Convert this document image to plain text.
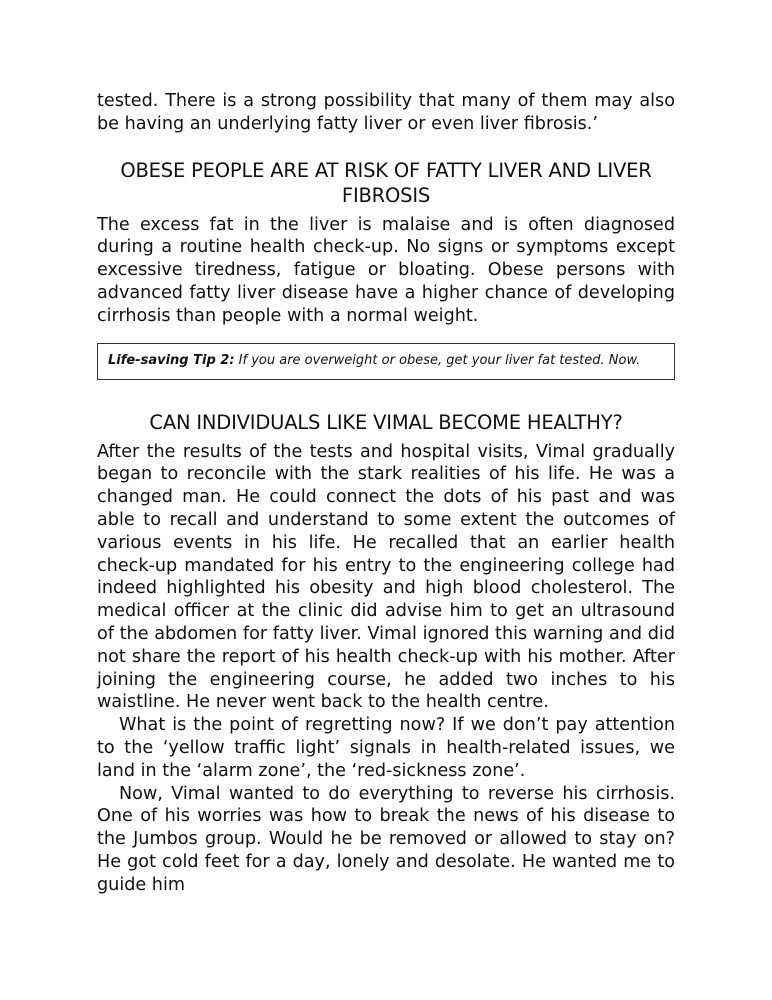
tested. There is a strong possibility that many of them may also be having an underlying fatty liver or even liver fibrosis.’

OBESE PEOPLE ARE AT RISK OF FATTY LIVER AND LIVER FIBROSIS

The excess fat in the liver is malaise and is often diagnosed during a routine health check-up. No signs or symptoms except excessive tiredness, fatigue or bloating. Obese persons with advanced fatty liver disease have a higher chance of developing cirrhosis than people with a normal weight.

Life-saving Tip 2: If you are overweight or obese, get your liver fat tested. Now.
CAN INDIVIDUALS LIKE VIMAL BECOME HEALTHY?

After the results of the tests and hospital visits, Vimal gradually began to reconcile with the stark realities of his life. He was a changed man. He could connect the dots of his past and was able to recall and understand to some extent the outcomes of various events in his life. He recalled that an earlier health check-up mandated for his entry to the engineering college had indeed highlighted his obesity and high blood cholesterol. The medical officer at the clinic did advise him to get an ultrasound of the abdomen for fatty liver. Vimal ignored this warning and did not share the report of his health check-up with his mother. After joining the engineering course, he added two inches to his waistline. He never went back to the health centre.

What is the point of regretting now? If we don’t pay attention to the ‘yellow traffic light’ signals in health-related issues, we land in the ‘alarm zone’, the ‘red-sickness zone’.

Now, Vimal wanted to do everything to reverse his cirrhosis. One of his worries was how to break the news of his disease to the Jumbos group. Would he be removed or allowed to stay on? He got cold feet for a day, lonely and desolate. He wanted me to guide him
